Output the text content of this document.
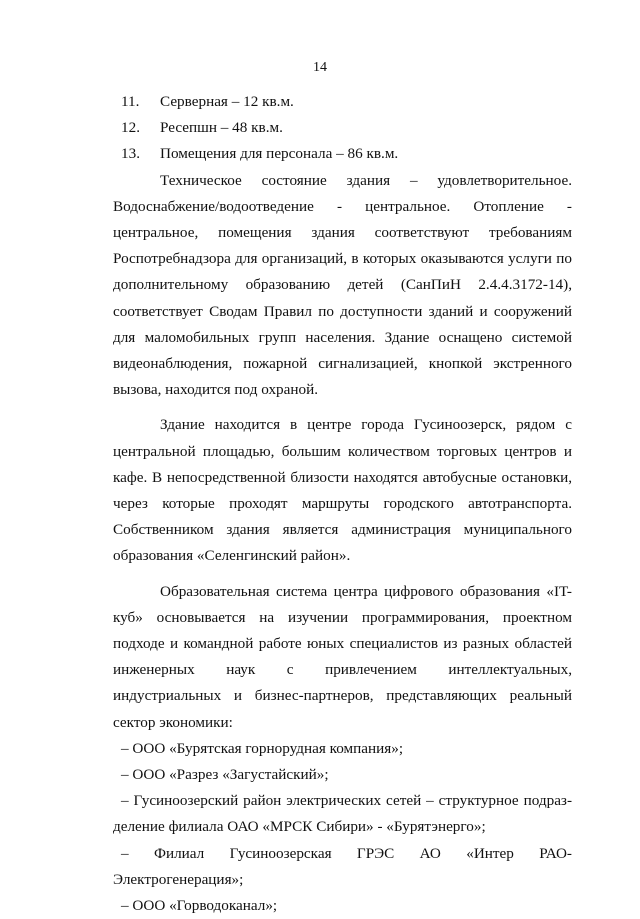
14
11. Серверная – 12 кв.м.
12. Ресепшн – 48 кв.м.
13. Помещения для персонала – 86 кв.м.

Техническое состояние здания – удовлетворительное. Водоснабжение/водоотведение - центральное. Отопление - центральное, помещения здания соответствуют требованиям Роспотребнадзора для организаций, в которых оказываются услуги по дополнительному образованию детей (СанПиН 2.4.4.3172-14), соответствует Сводам Правил по доступности зданий и сооружений для маломобильных групп населения. Здание оснащено системой видеонаблюдения, пожарной сигнализацией, кнопкой экстренного вызова, находится под охраной.

Здание находится в центре города Гусиноозерск, рядом с центральной площадью, большим количеством торговых центров и кафе. В непосредственной близости находятся автобусные остановки, через которые проходят маршруты городского автотранспорта. Собственником здания является администрация муниципального образования «Селенгинский район».

Образовательная система центра цифрового образования «IT-куб» основывается на изучении программирования, проектном подходе и командной работе юных специалистов из разных областей инженерных наук с привлечением интеллектуальных, индустриальных и бизнес-партнеров, представляющих реальный сектор экономики:

– ООО «Бурятская горнорудная компания»;
– ООО «Разрез «Загустайский»;
– Гусиноозерский район электрических сетей – структурное подразделение филиала ОАО «МРСК Сибири» - «Бурятэнерго»;
– Филиал Гусиноозерская ГРЭС АО «Интер РАО-Электрогенерация»;
– ООО «Горводоканал»;
